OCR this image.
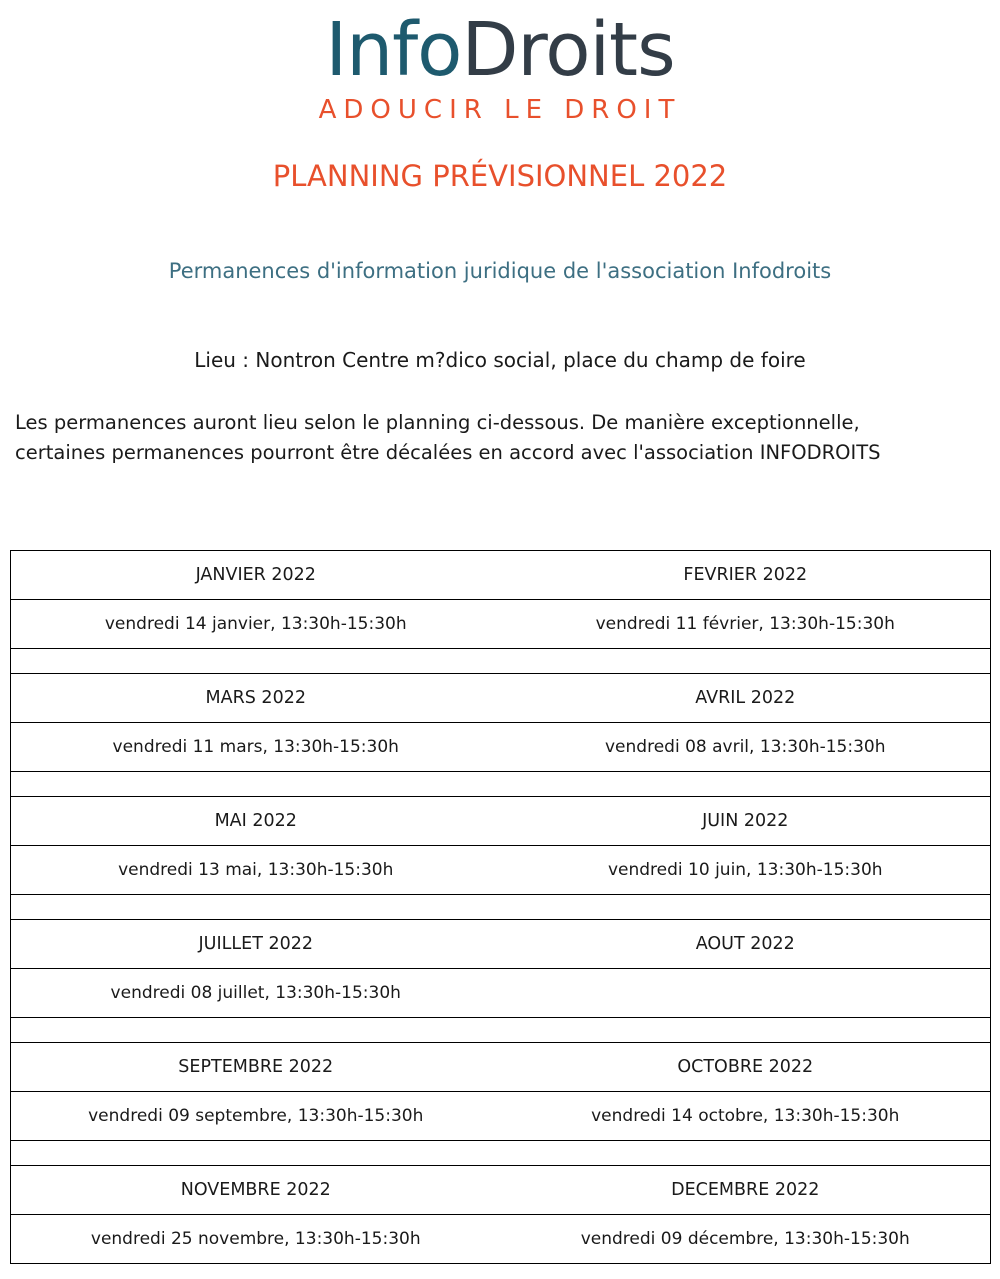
InfoDroits
ADOUCIR LE DROIT
PLANNING PRÉVISIONNEL 2022
Permanences d'information juridique de l'association Infodroits
Lieu : Nontron Centre m?dico social, place du champ de foire
Les permanences auront lieu selon le planning ci-dessous. De manière exceptionnelle,
certaines permanences pourront être décalées en accord avec l'association INFODROITS
JANVIER 2022	FEVRIER 2022
vendredi 14 janvier, 13:30h-15:30h	vendredi 11 février, 13:30h-15:30h

MARS 2022	AVRIL 2022
vendredi 11 mars, 13:30h-15:30h	vendredi 08 avril, 13:30h-15:30h

MAI 2022	JUIN 2022
vendredi 13 mai, 13:30h-15:30h	vendredi 10 juin, 13:30h-15:30h

JUILLET 2022	AOUT 2022
vendredi 08 juillet, 13:30h-15:30h	

SEPTEMBRE 2022	OCTOBRE 2022
vendredi 09 septembre, 13:30h-15:30h	vendredi 14 octobre, 13:30h-15:30h

NOVEMBRE 2022	DECEMBRE 2022
vendredi 25 novembre, 13:30h-15:30h	vendredi 09 décembre, 13:30h-15:30h
